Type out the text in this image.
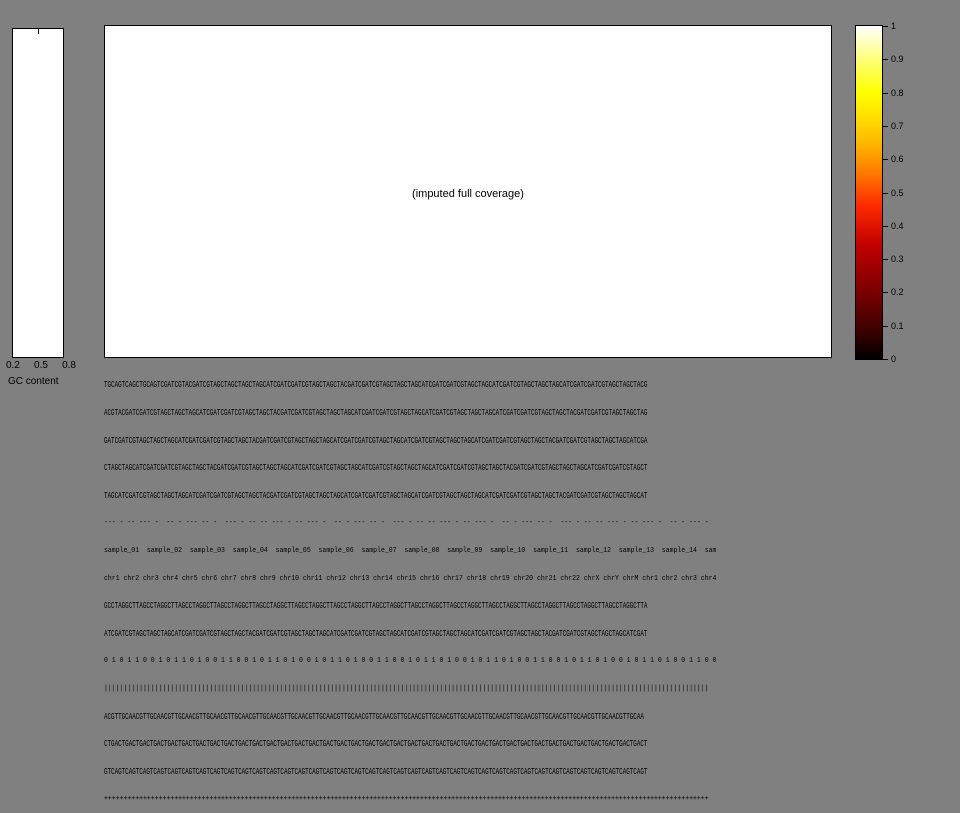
0.2 0.5 0.8
GC content
(imputed full coverage)

TGCAGTCAGCTGCAGTCGATCGTACGATCGTAGCTAGCTAGCTAGCATCGATCGATCGTAGCTAGCTACGATCGATCGTAGCTAGCTAGCATCGATCGATCGTAGCTAGCATCGATCGTAGCTAGCTAGCATCGATCGATCGTAGCTAGCTACG

ACGTACGATCGATCGTAGCTAGCTAGCATCGATCGATCGTAGCTAGCTACGATCGATCGTAGCTAGCTAGCATCGATCGATCGTAGCTAGCATCGATCGTAGCTAGCTAGCATCGATCGATCGTAGCTAGCTACGATCGATCGTAGCTAGCTAG

GATCGATCGTAGCTAGCTAGCATCGATCGATCGTAGCTAGCTACGATCGATCGTAGCTAGCTAGCATCGATCGATCGTAGCTAGCATCGATCGTAGCTAGCTAGCATCGATCGATCGTAGCTAGCTACGATCGATCGTAGCTAGCTAGCATCGA

CTAGCTAGCATCGATCGATCGTAGCTAGCTACGATCGATCGTAGCTAGCTAGCATCGATCGATCGTAGCTAGCATCGATCGTAGCTAGCTAGCATCGATCGATCGTAGCTAGCTACGATCGATCGTAGCTAGCTAGCATCGATCGATCGTAGCT

TAGCATCGATCGTAGCTAGCTAGCATCGATCGATCGTAGCTAGCTACGATCGATCGTAGCTAGCTAGCATCGATCGATCGTAGCTAGCATCGATCGTAGCTAGCTAGCATCGATCGATCGTAGCTAGCTACGATCGATCGTAGCTAGCTAGCAT

--- - -- --- -  -- - --- -- -  --- - -- -- --- - -- --- -  -- - --- -- -  --- - -- -- --- - -- --- -  -- - --- -- -  --- - -- -- --- - -- --- -  -- - --- -

sample_01  sample_02  sample_03  sample_04  sample_05  sample_06  sample_07  sample_08  sample_09  sample_10  sample_11  sample_12  sample_13  sample_14  sam

chr1 chr2 chr3 chr4 chr5 chr6 chr7 chr8 chr9 chr10 chr11 chr12 chr13 chr14 chr15 chr16 chr17 chr18 chr19 chr20 chr21 chr22 chrX chrY chrM chr1 chr2 chr3 chr4

GCCTAGGCTTAGCCTAGGCTTAGCCTAGGCTTAGCCTAGGCTTAGCCTAGGCTTAGCCTAGGCTTAGCCTAGGCTTAGCCTAGGCTTAGCCTAGGCTTAGCCTAGGCTTAGCCTAGGCTTAGCCTAGGCTTAGCCTAGGCTTAGCCTAGGCTTA

ATCGATCGTAGCTAGCTAGCATCGATCGATCGTAGCTAGCTACGATCGATCGTAGCTAGCTAGCATCGATCGATCGTAGCTAGCATCGATCGTAGCTAGCTAGCATCGATCGATCGTAGCTAGCTACGATCGATCGTAGCTAGCTAGCATCGAT

0 1 0 1 1 0 0 1 0 1 1 0 1 0 0 1 1 0 0 1 0 1 1 0 1 0 0 1 0 1 1 0 1 0 0 1 1 0 0 1 0 1 1 0 1 0 0 1 0 1 1 0 1 0 0 1 1 0 0 1 0 1 1 0 1 0 0 1 0 1 1 0 1 0 0 1 1 0 0

|||||||||||||||||||||||||||||||||||||||||||||||||||||||||||||||||||||||||||||||||||||||||||||||||||||||||||||||||||||||||||||||||||||||||||||||||||||||||||

ACGTTGCAACGTTGCAACGTTGCAACGTTGCAACGTTGCAACGTTGCAACGTTGCAACGTTGCAACGTTGCAACGTTGCAACGTTGCAACGTTGCAACGTTGCAACGTTGCAACGTTGCAACGTTGCAACGTTGCAACGTTGCAACGTTGCAA

CTGACTGACTGACTGACTGACTGACTGACTGACTGACTGACTGACTGACTGACTGACTGACTGACTGACTGACTGACTGACTGACTGACTGACTGACTGACTGACTGACTGACTGACTGACTGACTGACTGACTGACTGACTGACTGACTGACT

GTCAGTCAGTCAGTCAGTCAGTCAGTCAGTCAGTCAGTCAGTCAGTCAGTCAGTCAGTCAGTCAGTCAGTCAGTCAGTCAGTCAGTCAGTCAGTCAGTCAGTCAGTCAGTCAGTCAGTCAGTCAGTCAGTCAGTCAGTCAGTCAGTCAGTCAGT

+++++++++++++++++++++++++++++++++++++++++++++++++++++++++++++++++++++++++++++++++++++++++++++++++++++++++++++++++++++++++++++++++++++++++++++++++++++++++++

1
0.9
0.8
0.7
0.6
0.5
0.4
0.3
0.2
0.1
0
